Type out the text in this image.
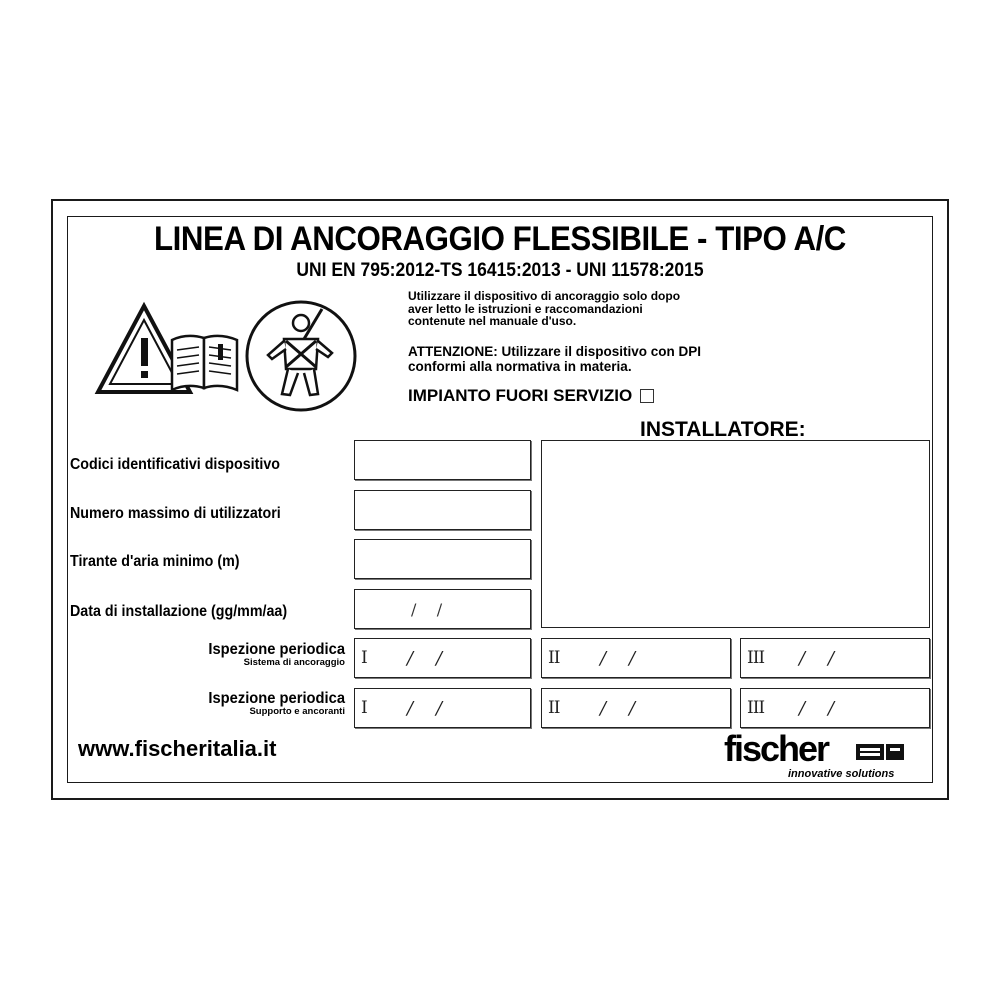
LINEA DI ANCORAGGIO FLESSIBILE - TIPO A/C
UNI EN 795:2012-TS 16415:2013 - UNI 11578:2015
Utilizzare il dispositivo di ancoraggio solo dopo
aver letto le istruzioni e raccomandazioni
contenute nel manuale d'uso.
ATTENZIONE: Utilizzare il dispositivo con DPI
conformi alla normativa in materia.
IMPIANTO FUORI SERVIZIO
INSTALLATORE:
Codici identificativi dispositivo
Numero massimo di utilizzatori
Tirante d'aria minimo (m)
Data di installazione (gg/mm/aa)	/    /
Ispezione periodica
Sistema di ancoraggio I /    /	II /    /	III /    /
Ispezione periodica
Supporto e ancoranti I /    /	II /    /	III /    /
www.fischeritalia.it	fischer
innovative solutions
